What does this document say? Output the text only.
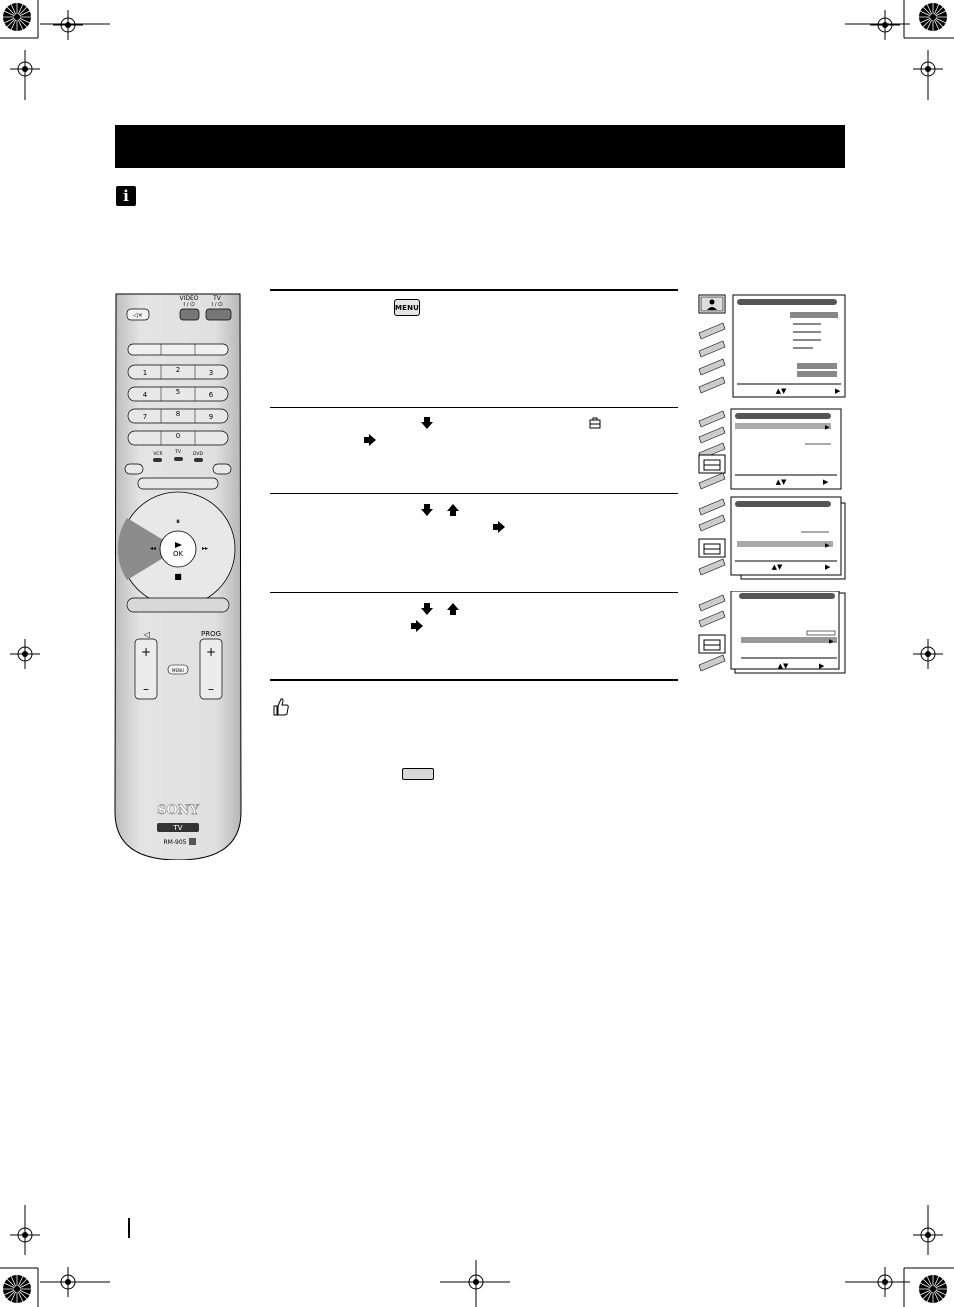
i
◁×
VIDEO
I / ⏻
TV
I / ⏻
1	2	3
4	5	6
7	8	9
0
VCR	TV	DVD
OK
⏸
■
◂◂	▸▸
◁	PROG
+
–
+
–
MENU
SONY
TV
RM-905
MENU
▲▼	▶
▶
▲▼	▶
▶
▲▼	▶
▶
▲▼	▶
